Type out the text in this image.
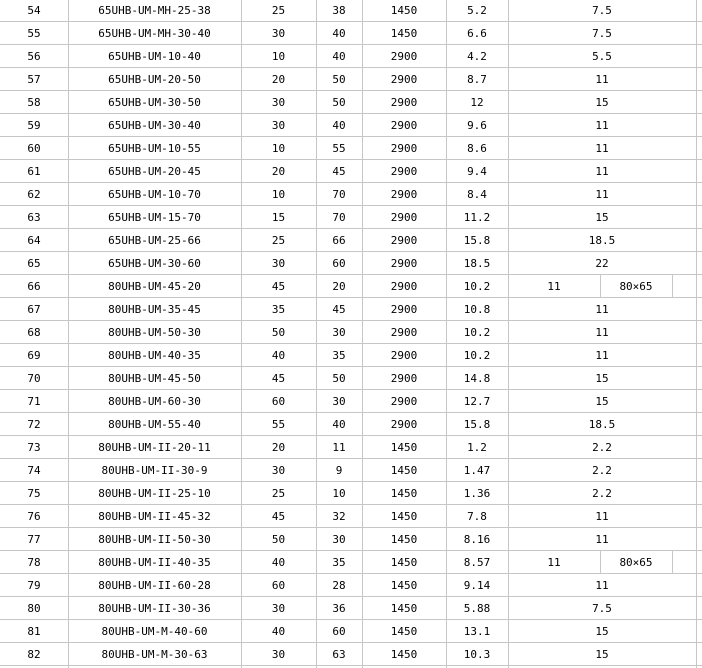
54	65UHB-UM-MH-25-38	25	38	1450	5.2	7.5
55	65UHB-UM-MH-30-40	30	40	1450	6.6	7.5
56	65UHB-UM-10-40	10	40	2900	4.2	5.5
57	65UHB-UM-20-50	20	50	2900	8.7	11
58	65UHB-UM-30-50	30	50	2900	12	15
59	65UHB-UM-30-40	30	40	2900	9.6	11
60	65UHB-UM-10-55	10	55	2900	8.6	11
61	65UHB-UM-20-45	20	45	2900	9.4	11
62	65UHB-UM-10-70	10	70	2900	8.4	11
63	65UHB-UM-15-70	15	70	2900	11.2	15
64	65UHB-UM-25-66	25	66	2900	15.8	18.5
65	65UHB-UM-30-60	30	60	2900	18.5	22
66	80UHB-UM-45-20	45	20	2900	10.2	11	80×65
67	80UHB-UM-35-45	35	45	2900	10.8	11
68	80UHB-UM-50-30	50	30	2900	10.2	11
69	80UHB-UM-40-35	40	35	2900	10.2	11
70	80UHB-UM-45-50	45	50	2900	14.8	15
71	80UHB-UM-60-30	60	30	2900	12.7	15
72	80UHB-UM-55-40	55	40	2900	15.8	18.5
73	80UHB-UM-II-20-11	20	11	1450	1.2	2.2
74	80UHB-UM-II-30-9	30	9	1450	1.47	2.2
75	80UHB-UM-II-25-10	25	10	1450	1.36	2.2
76	80UHB-UM-II-45-32	45	32	1450	7.8	11
77	80UHB-UM-II-50-30	50	30	1450	8.16	11
78	80UHB-UM-II-40-35	40	35	1450	8.57	11	80×65
79	80UHB-UM-II-60-28	60	28	1450	9.14	11
80	80UHB-UM-II-30-36	30	36	1450	5.88	7.5
81	80UHB-UM-M-40-60	40	60	1450	13.1	15
82	80UHB-UM-M-30-63	30	63	1450	10.3	15
